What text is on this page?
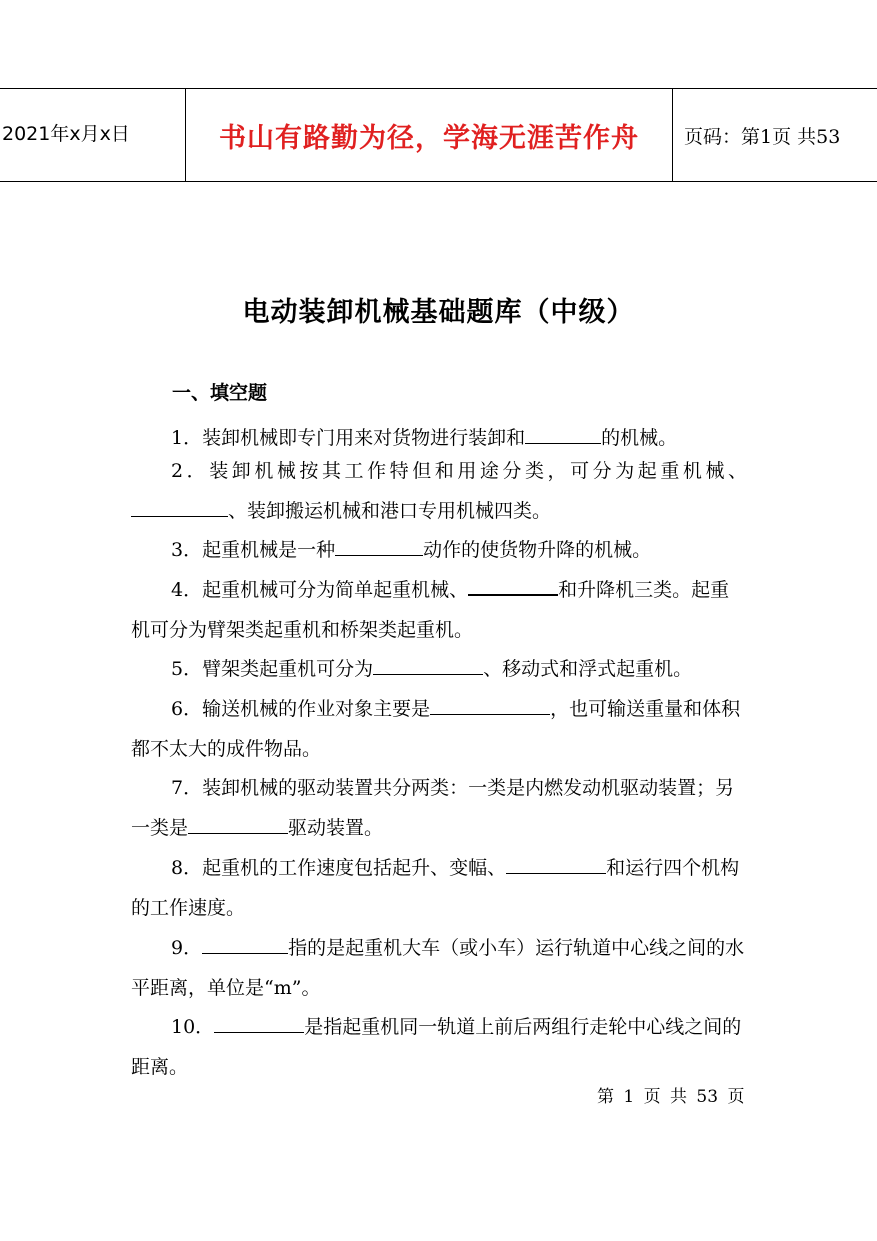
2021年x月x日	书山有路勤为径，学海无涯苦作舟	页码：第1页 共53
电动装卸机械基础题库（中级）
一、填空题

1．装卸机械即专门用来对货物进行装卸和	的机械。

2．装卸机械按其工作特但和用途分类，可分为起重机械、、装卸搬运机械和港口专用机械四类。

3．起重机械是一种	动作的使货物升降的机械。

4．起重机械可分为简单起重机械、	和升降机三类。起重机可分为臂架类起重机和桥架类起重机。

5．臂架类起重机可分为	、移动式和浮式起重机。

6．输送机械的作业对象主要是	，也可输送重量和体积都不太大的成件物品。

7．装卸机械的驱动装置共分两类：一类是内燃发动机驱动装置；另一类是	驱动装置。

8．起重机的工作速度包括起升、变幅、	和运行四个机构的工作速度。

9．	指的是起重机大车（或小车）运行轨道中心线之间的水平距离，单位是“m”。

10．	是指起重机同一轨道上前后两组行走轮中心线之间的距离。

第 1 页 共 53 页
